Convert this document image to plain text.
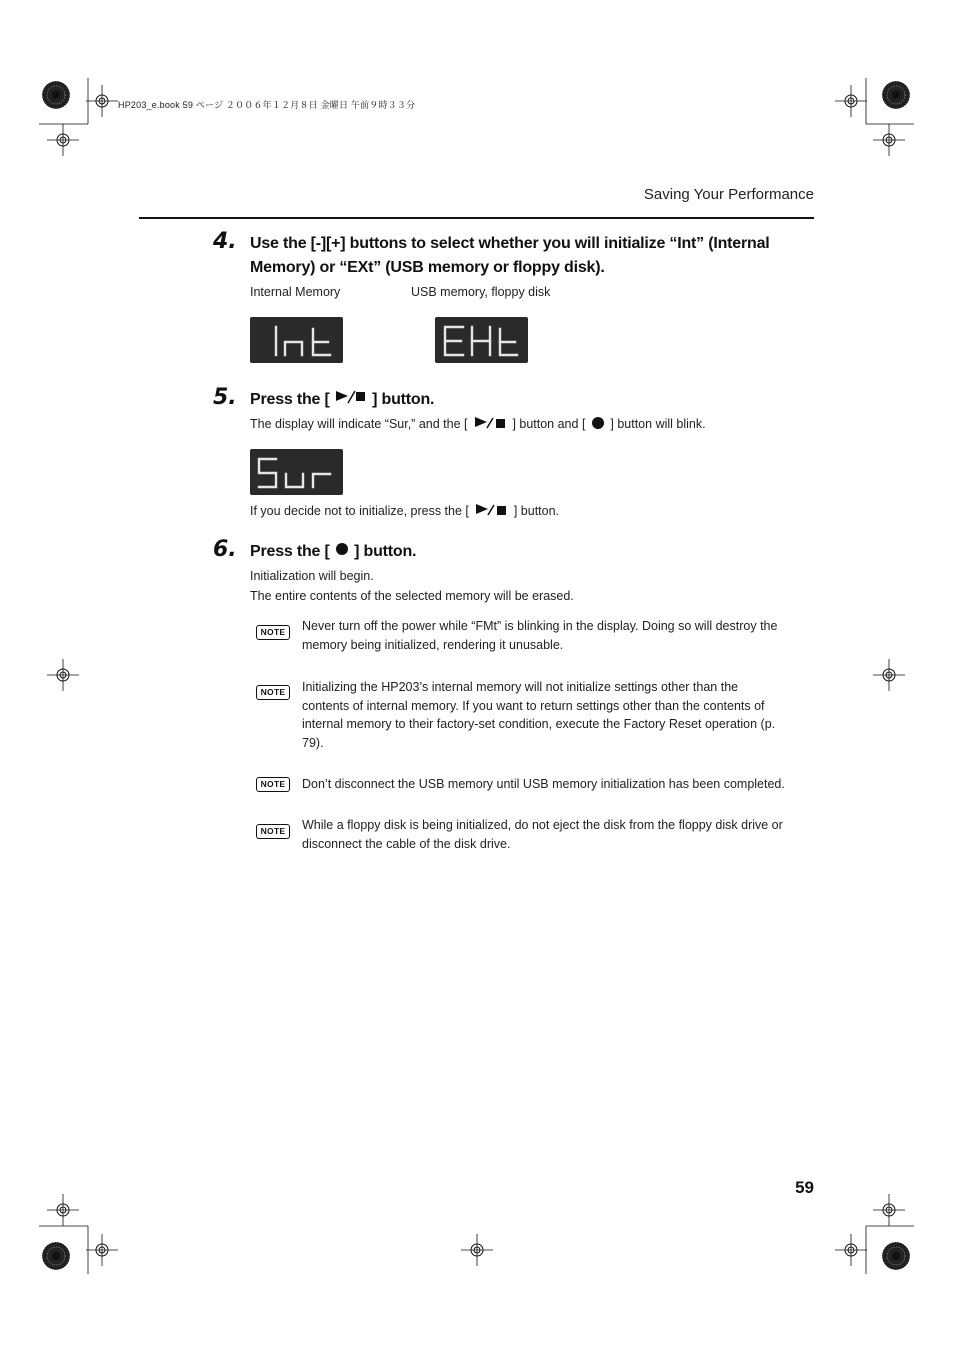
HP203_e.book 59 ページ ２００６年１２月８日 金曜日 午前９時３３分
Saving Your Performance
4. Use the [-][+] buttons to select whether you will initialize “Int” (Internal
Memory) or “EXt” (USB memory or floppy disk).
Internal Memory	USB memory, floppy disk
5. Press the [	] button.
The display will indicate “Sur,” and the [	] button and [ ] button will blink.
If you decide not to initialize, press the [	] button.
6. Press the [ ] button.
Initialization will begin.
The entire contents of the selected memory will be erased.
NOTE	Never turn off the power while “FMt” is blinking in the display. Doing so will destroy the memory being initialized, rendering it unusable.
NOTE	Initializing the HP203’s internal memory will not initialize settings other than the contents of internal memory. If you want to return settings other than the contents of internal memory to their factory-set condition, execute the Factory Reset operation (p. 79).
NOTE	Don’t disconnect the USB memory until USB memory initialization has been completed.
NOTE	While a floppy disk is being initialized, do not eject the disk from the floppy disk drive or disconnect the cable of the disk drive.
59
